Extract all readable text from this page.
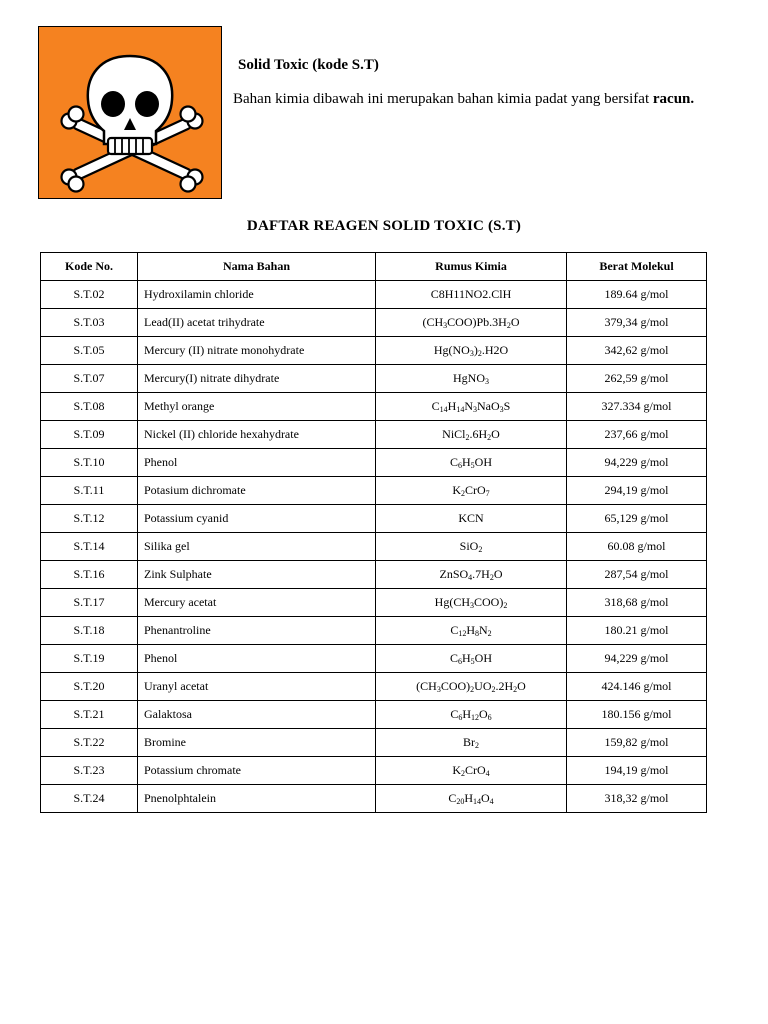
Solid Toxic (kode S.T)

Bahan kimia dibawah ini merupakan bahan kimia padat yang bersifat racun.

DAFTAR REAGEN SOLID TOXIC (S.T)
Kode No.	Nama Bahan	Rumus Kimia	Berat Molekul
S.T.02	Hydroxilamin chloride	C8H11NO2.ClH	189.64 g/mol
S.T.03	Lead(II) acetat trihydrate	$(CH_3COO)Pb.3H_2O$	379,34 g/mol
S.T.05	Mercury (II) nitrate monohydrate	$Hg(NO_3)_2.H2O$	342,62 g/mol
S.T.07	Mercury(I) nitrate dihydrate	HgNO$_3$	262,59 g/mol
S.T.08	Methyl orange	$C_{14}H_{14}N_3NaO_3S$	327.334 g/mol
S.T.09	Nickel (II) chloride hexahydrate	$NiCl_2.6H_2O$	237,66 g/mol
S.T.10	Phenol	$C_6H_5OH$	94,229 g/mol
S.T.11	Potasium dichromate	$K_2CrO_7$	294,19 g/mol
S.T.12	Potassium cyanid	KCN	65,129 g/mol
S.T.14	Silika gel	SiO$_2$	60.08 g/mol
S.T.16	Zink Sulphate	$ZnSO_4.7H_2O$	287,54 g/mol
S.T.17	Mercury acetat	$Hg(CH_3COO)_2$	318,68 g/mol
S.T.18	Phenantroline	$C_{12}H_8N_2$	180.21 g/mol
S.T.19	Phenol	$C_6H_5OH$	94,229 g/mol
S.T.20	Uranyl acetat	$(CH_3COO)_2UO_2.2H_2O$	424.146 g/mol
S.T.21	Galaktosa	$C_6H_{12}O_6$	180.156 g/mol
S.T.22	Bromine	$Br_2$	159,82 g/mol
S.T.23	Potassium chromate	$K_2CrO_4$	194,19 g/mol
S.T.24	Pnenolphtalein	$C_{20}H_{14}O_4$	318,32 g/mol
